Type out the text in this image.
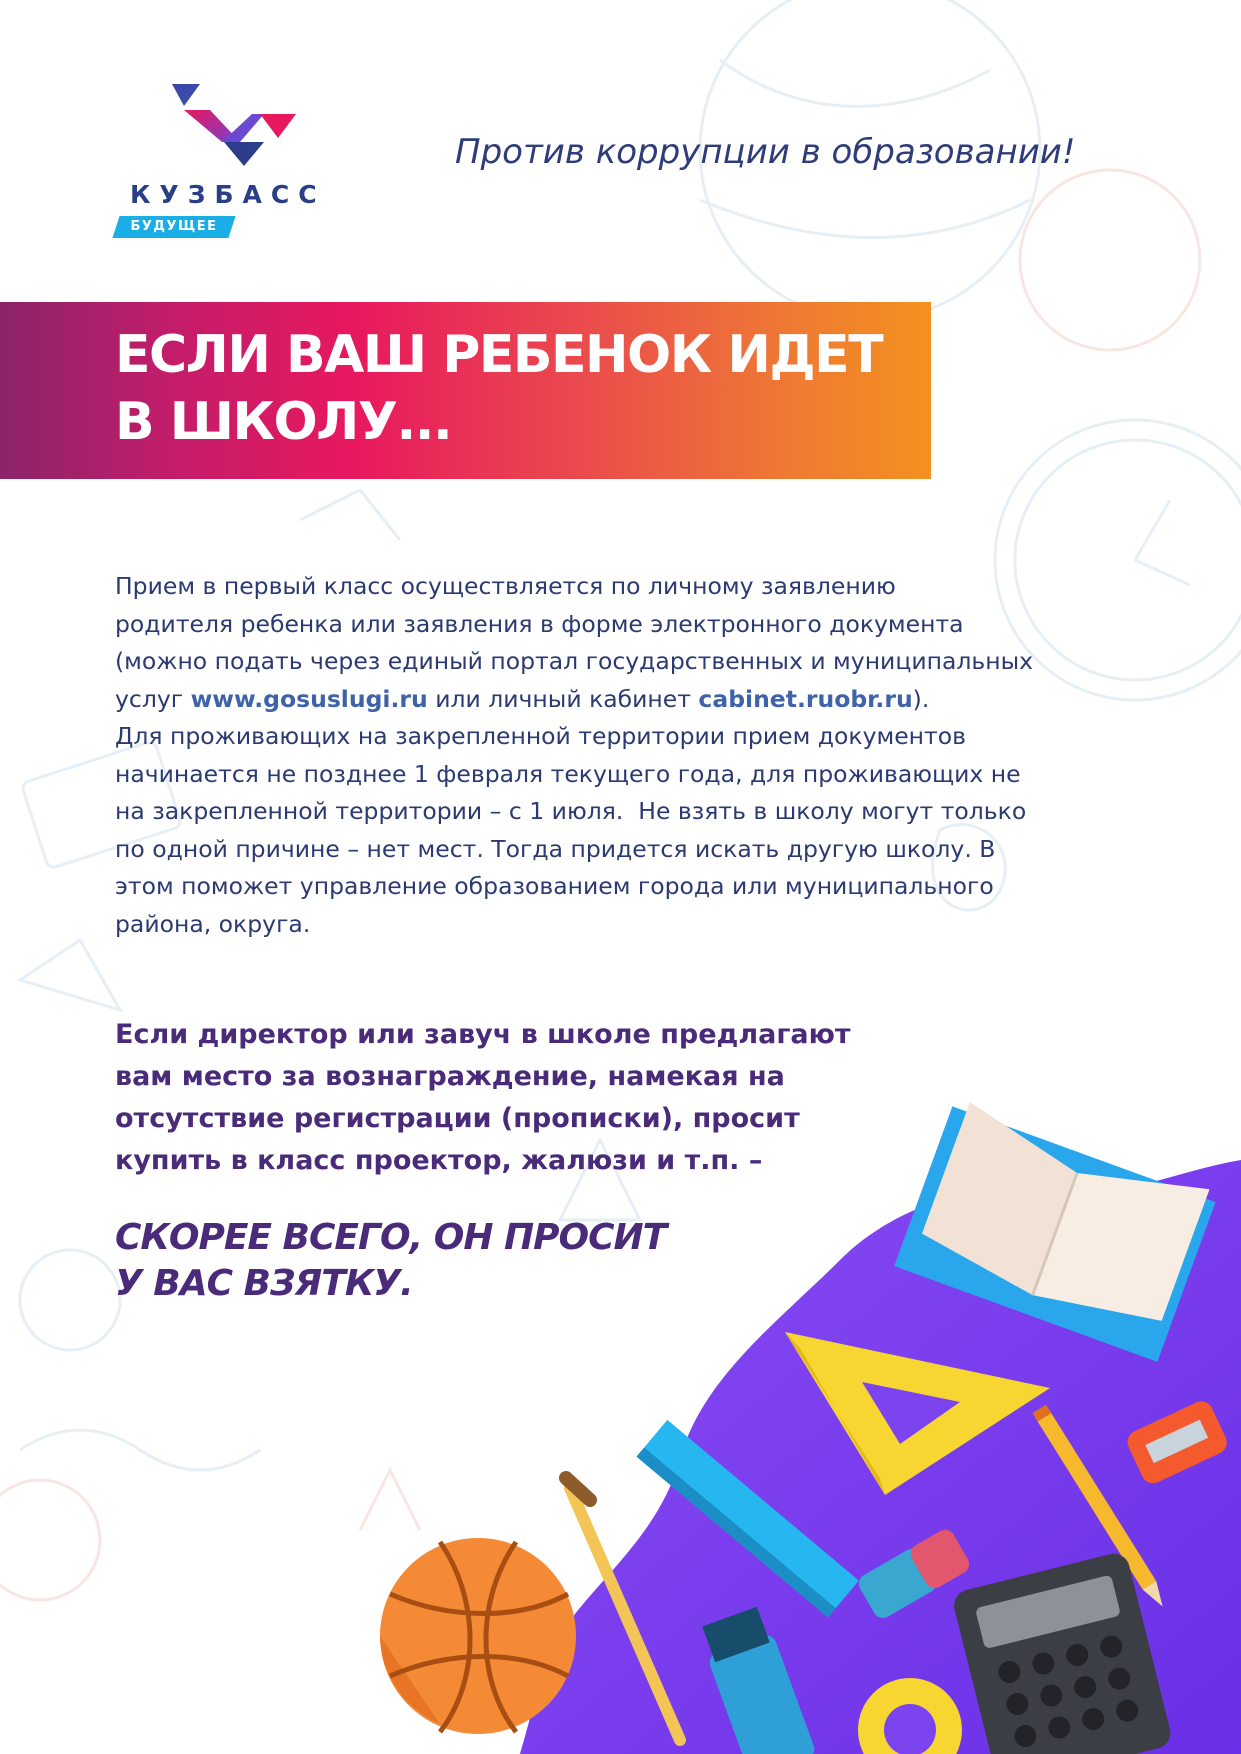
КУЗБАСС
БУДУЩЕЕ
Против коррупции в образовании!
ЕСЛИ ВАШ РЕБЕНОК ИДЕТ
В ШКОЛУ...
Прием в первый класс осуществляется по личному заявлению
родителя ребенка или заявления в форме электронного документа
(можно подать через единый портал государственных и муниципальных
услуг www.gosuslugi.ru или личный кабинет cabinet.ruobr.ru).
Для проживающих на закрепленной территории прием документов
начинается не позднее 1 февраля текущего года, для проживающих не
на закрепленной территории – с 1 июля.  Не взять в школу могут только
по одной причине – нет мест. Тогда придется искать другую школу. В
этом поможет управление образованием города или муниципального
района, округа.
Если директор или завуч в школе предлагают
вам место за вознаграждение, намекая на
отсутствие регистрации (прописки), просит
купить в класс проектор, жалюзи и т.п. –
СКОРЕЕ ВСЕГО, ОН ПРОСИТ
У ВАС ВЗЯТКУ.
